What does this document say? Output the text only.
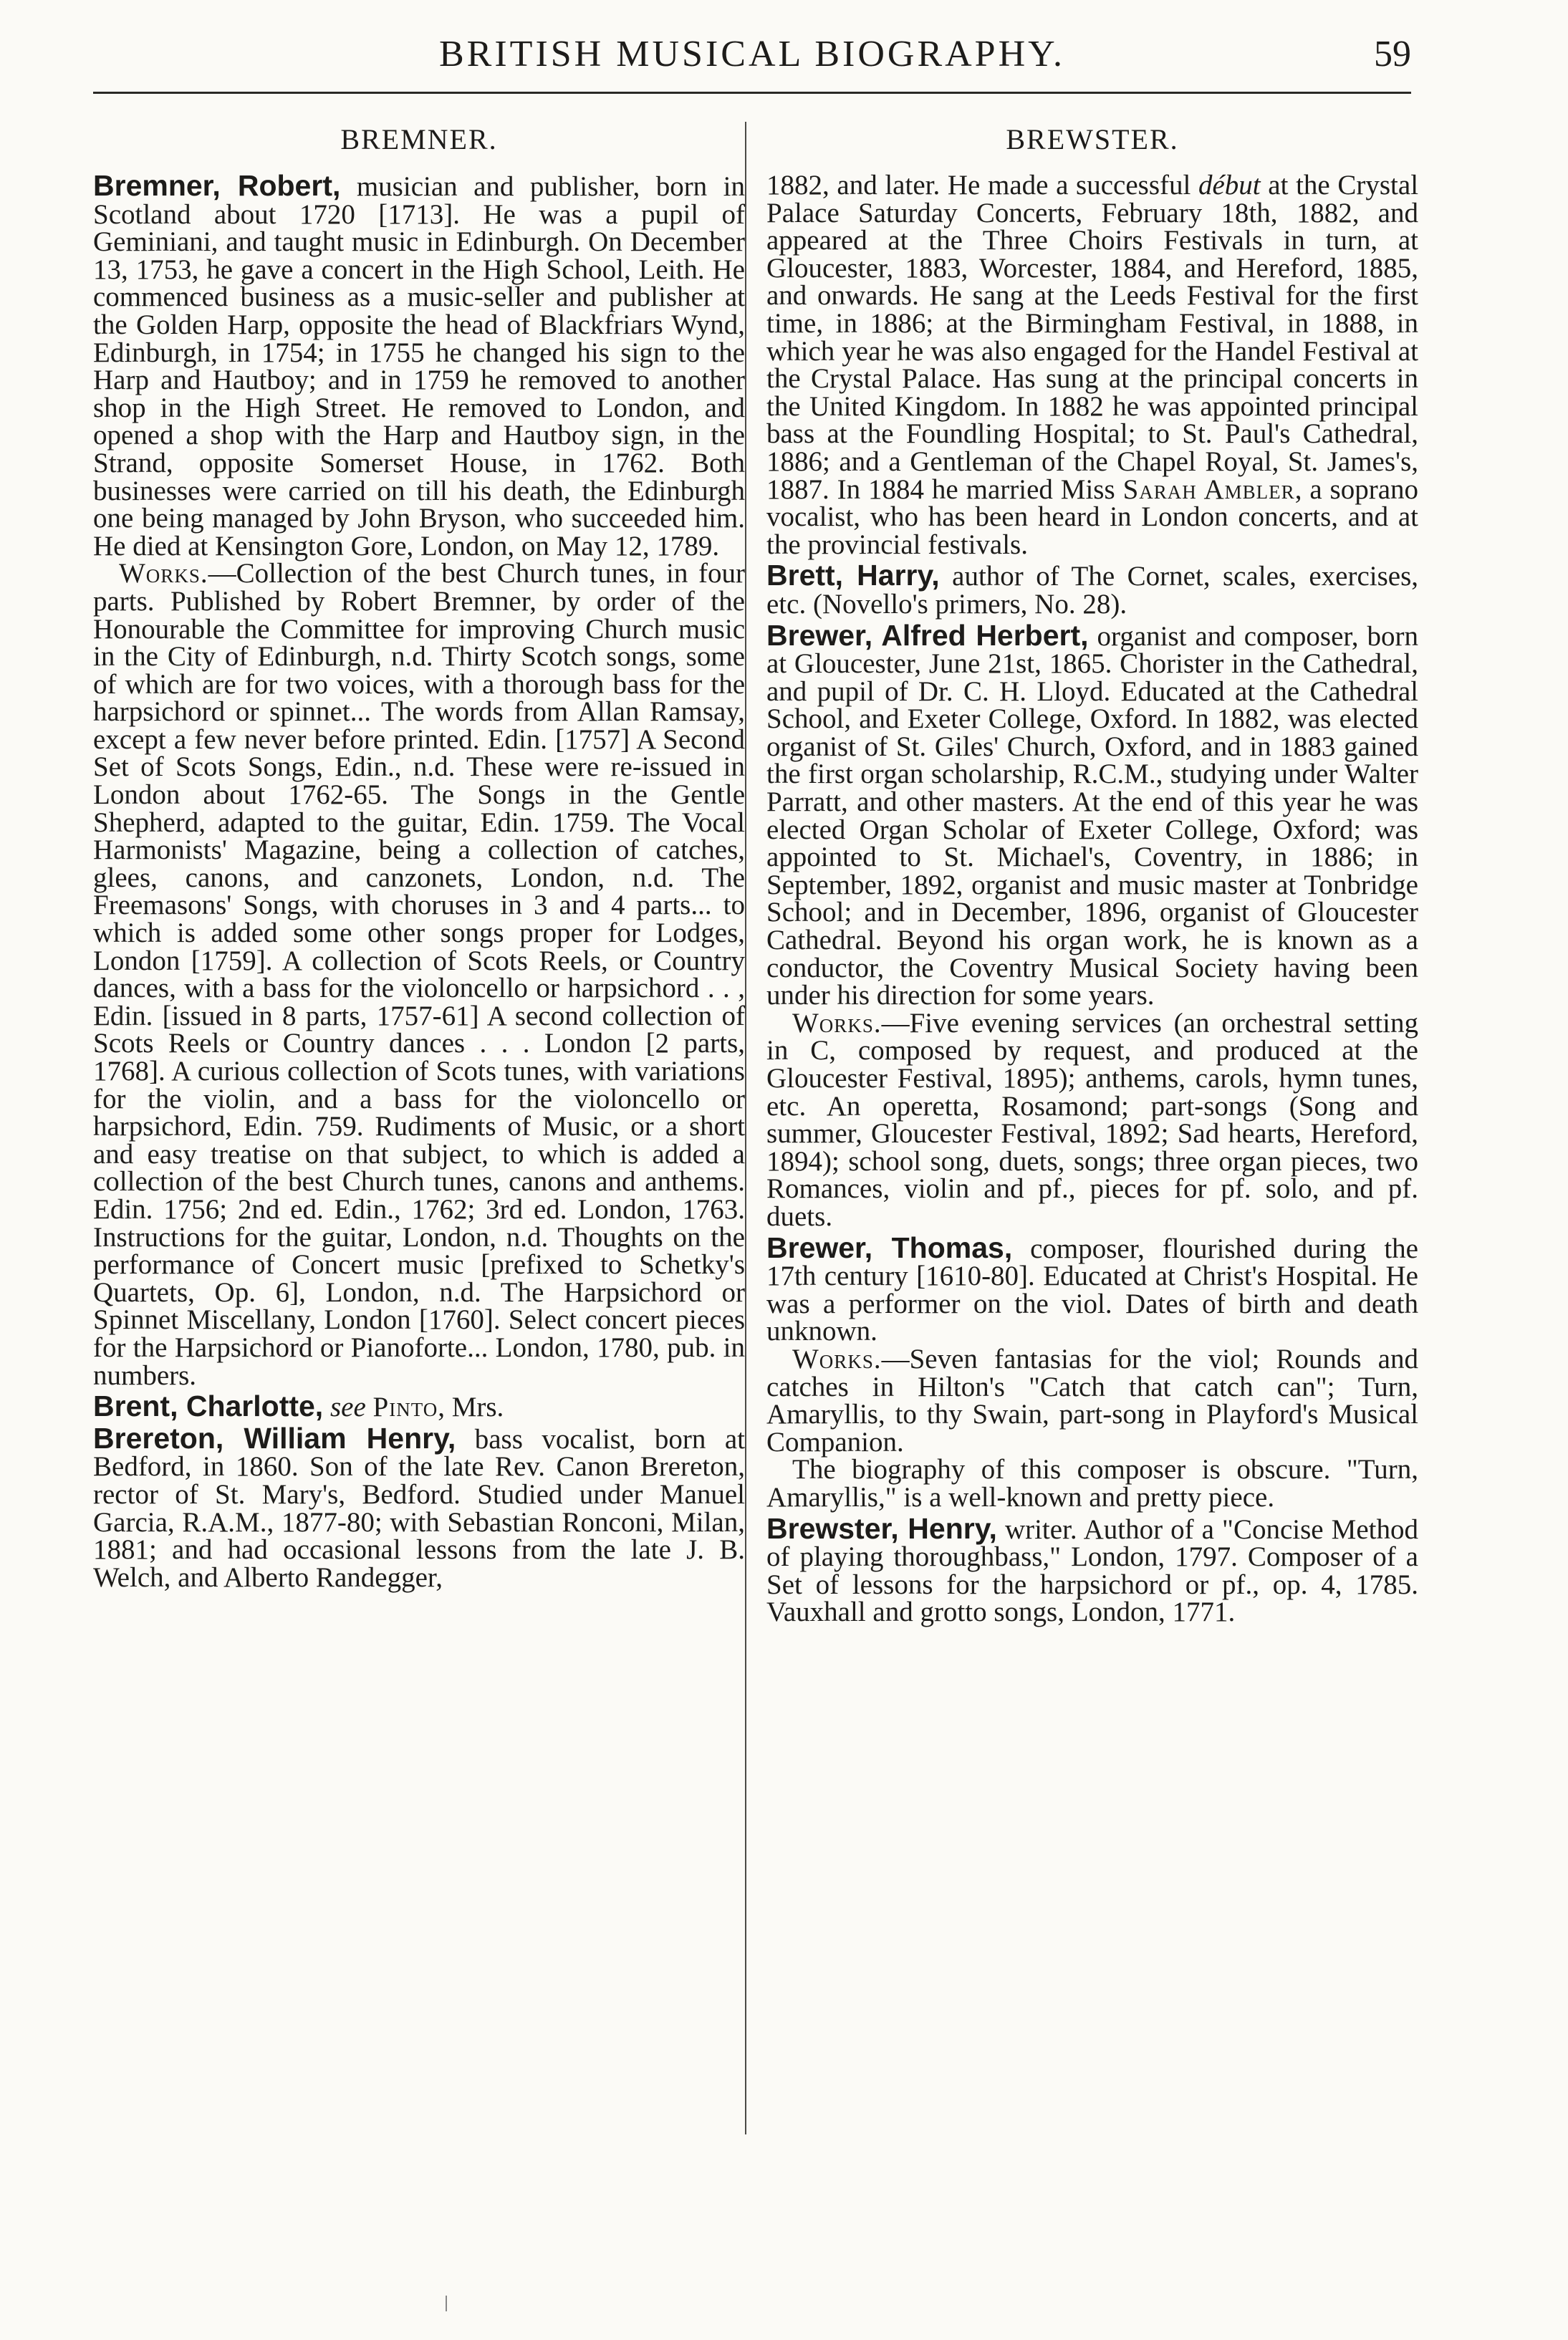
BRITISH MUSICAL BIOGRAPHY.	59
BREMNER.

Bremner, Robert, musician and publisher, born in Scotland about 1720 [1713]. He was a pupil of Geminiani, and taught music in Edinburgh. On December 13, 1753, he gave a concert in the High School, Leith. He commenced business as a music-seller and publisher at the Golden Harp, opposite the head of Blackfriars Wynd, Edinburgh, in 1754; in 1755 he changed his sign to the Harp and Hautboy; and in 1759 he removed to another shop in the High Street. He removed to London, and opened a shop with the Harp and Hautboy sign, in the Strand, opposite Somerset House, in 1762. Both businesses were carried on till his death, the Edinburgh one being managed by John Bryson, who succeeded him. He died at Kensington Gore, London, on May 12, 1789.

Works.—Collection of the best Church tunes, in four parts. Published by Robert Bremner, by order of the Honourable the Committee for improving Church music in the City of Edinburgh, n.d. Thirty Scotch songs, some of which are for two voices, with a thorough bass for the harpsichord or spinnet... The words from Allan Ramsay, except a few never before printed. Edin. [1757] A Second Set of Scots Songs, Edin., n.d. These were re-issued in London about 1762-65. The Songs in the Gentle Shepherd, adapted to the guitar, Edin. 1759. The Vocal Harmonists' Magazine, being a collection of catches, glees, canons, and canzonets, London, n.d. The Freemasons' Songs, with choruses in 3 and 4 parts... to which is added some other songs proper for Lodges, London [1759]. A collection of Scots Reels, or Country dances, with a bass for the violoncello or harpsichord . . , Edin. [issued in 8 parts, 1757-61] A second collection of Scots Reels or Country dances . . . London [2 parts, 1768]. A curious collection of Scots tunes, with variations for the violin, and a bass for the violoncello or harpsichord, Edin. 759. Rudiments of Music, or a short and easy treatise on that subject, to which is added a collection of the best Church tunes, canons and anthems. Edin. 1756; 2nd ed. Edin., 1762; 3rd ed. London, 1763. Instructions for the guitar, London, n.d. Thoughts on the performance of Concert music [prefixed to Schetky's Quartets, Op. 6], London, n.d. The Harpsichord or Spinnet Miscellany, London [1760]. Select concert pieces for the Harpsichord or Pianoforte... London, 1780, pub. in numbers.

Brent, Charlotte, see Pinto, Mrs.

Brereton, William Henry, bass vocalist, born at Bedford, in 1860. Son of the late Rev. Canon Brereton, rector of St. Mary's, Bedford. Studied under Manuel Garcia, R.A.M., 1877-80; with Sebastian Ronconi, Milan, 1881; and had occasional lessons from the late J. B. Welch, and Alberto Randegger,

BREWSTER.

1882, and later. He made a successful début at the Crystal Palace Saturday Concerts, February 18th, 1882, and appeared at the Three Choirs Festivals in turn, at Gloucester, 1883, Worcester, 1884, and Hereford, 1885, and onwards. He sang at the Leeds Festival for the first time, in 1886; at the Birmingham Festival, in 1888, in which year he was also engaged for the Handel Festival at the Crystal Palace. Has sung at the principal concerts in the United Kingdom. In 1882 he was appointed principal bass at the Foundling Hospital; to St. Paul's Cathedral, 1886; and a Gentleman of the Chapel Royal, St. James's, 1887. In 1884 he married Miss Sarah Ambler, a soprano vocalist, who has been heard in London concerts, and at the provincial festivals.

Brett, Harry, author of The Cornet, scales, exercises, etc. (Novello's primers, No. 28).

Brewer, Alfred Herbert, organist and composer, born at Gloucester, June 21st, 1865. Chorister in the Cathedral, and pupil of Dr. C. H. Lloyd. Educated at the Cathedral School, and Exeter College, Oxford. In 1882, was elected organist of St. Giles' Church, Oxford, and in 1883 gained the first organ scholarship, R.C.M., studying under Walter Parratt, and other masters. At the end of this year he was elected Organ Scholar of Exeter College, Oxford; was appointed to St. Michael's, Coventry, in 1886; in September, 1892, organist and music master at Tonbridge School; and in December, 1896, organist of Gloucester Cathedral. Beyond his organ work, he is known as a conductor, the Coventry Musical Society having been under his direction for some years.

Works.—Five evening services (an orchestral setting in C, composed by request, and produced at the Gloucester Festival, 1895); anthems, carols, hymn tunes, etc. An operetta, Rosamond; part-songs (Song and summer, Gloucester Festival, 1892; Sad hearts, Hereford, 1894); school song, duets, songs; three organ pieces, two Romances, violin and pf., pieces for pf. solo, and pf. duets.

Brewer, Thomas, composer, flourished during the 17th century [1610-80]. Educated at Christ's Hospital. He was a performer on the viol. Dates of birth and death unknown.

Works.—Seven fantasias for the viol; Rounds and catches in Hilton's "Catch that catch can"; Turn, Amaryllis, to thy Swain, part-song in Playford's Musical Companion.

The biography of this composer is obscure. "Turn, Amaryllis," is a well-known and pretty piece.

Brewster, Henry, writer. Author of a "Concise Method of playing thoroughbass," London, 1797. Composer of a Set of lessons for the harpsichord or pf., op. 4, 1785. Vauxhall and grotto songs, London, 1771.
